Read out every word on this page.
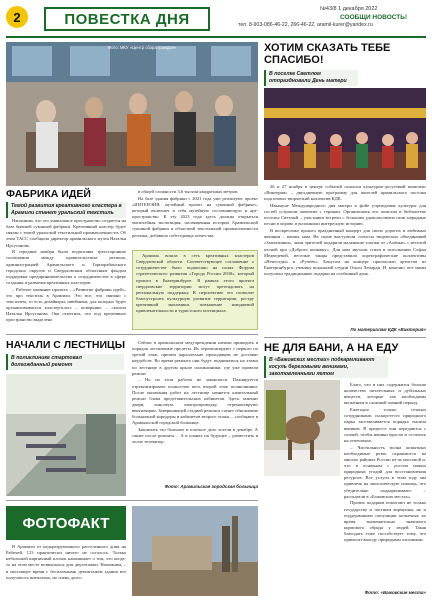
2	ПОВЕСТКА ДНЯ
№43/8 1 декабря 2022
СООБЩИ НОВОСТЬ!
тел. 8-903-086-46-22, 266-46-22, aramil-kurer@yandex.ru
Фото: МКУ «Центр сбора граждан»
ФАБРИКА ИДЕЙ
Темой развития креативного кластера в Арамили станет уральский текстиль

Напомним, что это уникальное пространство создается на базе бывшей суконной фабрики. Креативный кластер будет связан с темой уральской текстильной промышленности. Об этом ТАСС сообщила директор арамильского музея Наталья Ирсуганова.

В середине ноября были подписаны трехсторонние соглашения между правительством региона, администрацией Арамильского и Горнорайонского городских округов и Свердловским областным фондом поддержки предпринимательства о сотрудничестве в сфере создания и развития креативных кластеров.

– Рабочее название проекта – «Развитие фабрики идей», это про текстиль в Арамили. Это все, что связано с текстилем, то есть дизайнеры, швейники, для которых будет организовываться кластер-класс – коворкинг, – сказала Наталья Ирсуганова. Она отметила, что под креативное пространство выделено

в общей сложности 3,6 тысячи квадратных метров.

На базе здания фабрики с 2021 года уже реализуют проект «ИНТЕНЭЙЯ: музейный проект на суконной фабрике», который включает в себя музейную составляющую и арт-пространство. К эту 2023 года здесь должна открыться масштабная экспозиция, посвященная истории Арамильской суконной фабрики и областной текстильной промышленности региона, добавила собеседница агентства.

Арамиль вошла в сеть креативных кластеров Свердловской области. Соответствующее соглашение о сотрудничестве было подписано на полях Форума стратегического развития «Города России 2030», который прошел в Екатеринбурге. В рамках этого проекта свердловские территории могут претендовать на региональную поддержку. В перспективе это позволит благоустроить культурную развитие территории, ростру креативной экономики, повышение имиджевой привлекательности и туристского потенциала.

НАЧАЛИ С ЛЕСТНИЦЫ
В поликлинике стартовал долгожданный ремонт

Сейчас в арамильском медучреждении начали приводить в порядок лестничные пролеты. Их отремонтируют с первого по третий этаж, причем параллельно проходящим не доставят неудобств. Во время ремонта они будут подниматься на этажи по лестнице в другом крыле поликлиники, где уже провели ремонт.

– Но на этом работы не закончатся. Планируется отремонтировать полностью весь второй этаж поликлиники. После окончания работ на лестнице начнется капитальный ремонт блока представительских кабинетов. Здесь заменят двери, линолеум, электропроводку, отремонтируют вентиляцию. Завершающей стадией ремонта станет обновление больничной коридоры и кабинетов второго этажа, – сообщают в Арамильской городской больнице.

Закончить это большое и плотное дело хотели в декабре. А также после ремонта… А в планах на будущее – разместить в холле телевизор.

Фото: Арамильская городская больница
ФОТОФАКТ

В Арамили от недоразрушенного расселенного дома на Рабочей, 123 практически ничего не осталось. Только небольшой кирпичный клочок напоминает о том, что когда-то на этом месте возвышался дом двухэтажки. Напомним, – в настоящее время с бесплатными демонтажем здания все получилось внеплатно, но очень долго.

ХОТИМ СКАЗАТЬ ТЕБЕ СПАСИБО!
В поселке Светлом отпраздновали День матери

26 и 27 ноября в центре событий сказался культурно-досуговый комплекс «Виктория» – двухдневную программу для жителей арамильского поселка подготовил творческий коллектив КДК.

Накануне Международного дня матери в фойе учреждения культуры для гостей устроили чаепитие с героями. Организовать его помогли в библиотеке поселка Светлый – участники встречи с большим удовольствием пели народные песни в хорово и вспомнили интересную историю.

В воскресенье прошел праздничный концерт для своих дорогих и любимых женщин – наших мам. На сцене выступили солисты творческих объединений «Заплатинки», чьим зрителей подарили маленькие хлопки от «Алёнки» с веселой песней про «Доброго коняжку». Для мам звучали стихи в исполнении Софьи Медведевой, веселые танцы представили хореографические коллективы «Непоседы» и «Ручеёк». Бонусом на концерт пригласили артистов из Екатеринбурга, ученику вокальной студии Ольги Лепарди. И, конечно, все мамы получили традиционные подарки на особенный день.

По материалам КДК «Виктория»
НЕ ДЛЯ БАНИ, А НА ЕДУ
В «Бажовских местах» подкармливают косуль березовыми вениками, заготовленными летом

Благо, что в них содержится больше количество питательных и дубильных веществ, которые так необходимы копытным в сложный зимний период.

Ежегодно только сезонах сотрудниками сьскорстесго природного парка заготавливается порядка тысячи веников. В процессе они передаются с сочной, чтобы веники вросли и остались на отпечатках.

– Чистильность волна копытных необходимые резко скражаются во многих районах России из-за массовой и, что в основном с ростом наших природных угодий для восстановления ресурсов. Все услуги в этом году мы привлечь на экологическую помощь, что убедительно подкармливают, – рассказали в «Бажовских местах».

Прочих подарков помогают не только государству и частным кормушка, но и поддержанием популяции копытных во время знаменательно значимого кормового обряда у людей. Такая благодать тоже способствует тому, что приносят выгоду природным охотникам.

Фото: «Бажовские места»
